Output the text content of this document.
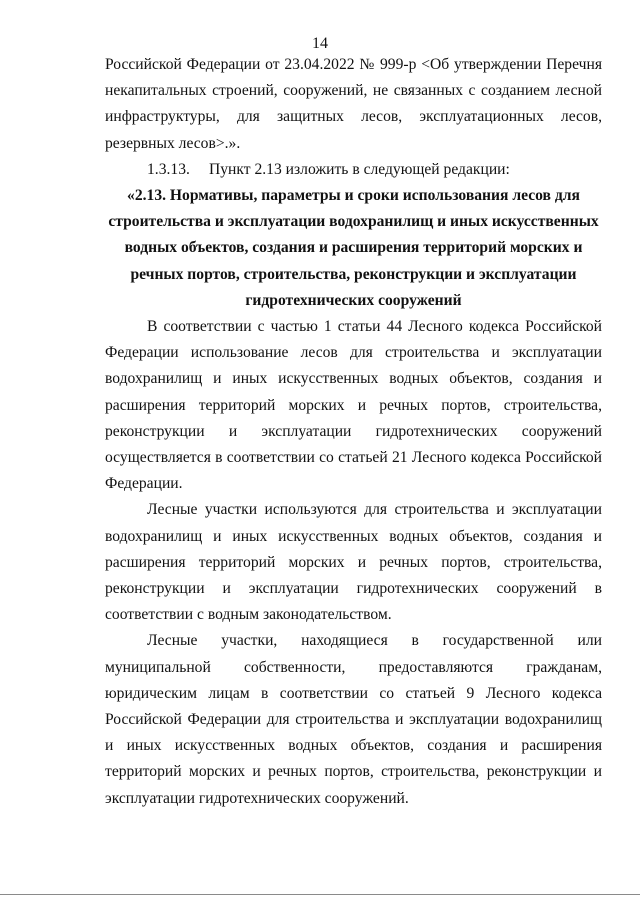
14

Российской Федерации от 23.04.2022 № 999-р <Об утверждении Перечня некапитальных строений, сооружений, не связанных с созданием лесной инфраструктуры, для защитных лесов, эксплуатационных лесов, резервных лесов>.».

1.3.13. Пункт 2.13 изложить в следующей редакции:

«2.13. Нормативы, параметры и сроки использования лесов для строительства и эксплуатации водохранилищ и иных искусственных водных объектов, создания и расширения территорий морских и речных портов, строительства, реконструкции и эксплуатации гидротехнических сооружений

В соответствии с частью 1 статьи 44 Лесного кодекса Российской Федерации использование лесов для строительства и эксплуатации водохранилищ и иных искусственных водных объектов, создания и расширения территорий морских и речных портов, строительства, реконструкции и эксплуатации гидротехнических сооружений осуществляется в соответствии со статьей 21 Лесного кодекса Российской Федерации.

Лесные участки используются для строительства и эксплуатации водохранилищ и иных искусственных водных объектов, создания и расширения территорий морских и речных портов, строительства, реконструкции и эксплуатации гидротехнических сооружений в соответствии с водным законодательством.

Лесные участки, находящиеся в государственной или муниципальной собственности, предоставляются гражданам, юридическим лицам в соответствии со статьей 9 Лесного кодекса Российской Федерации для строительства и эксплуатации водохранилищ и иных искусственных водных объектов, создания и расширения территорий морских и речных портов, строительства, реконструкции и эксплуатации гидротехнических сооружений.
